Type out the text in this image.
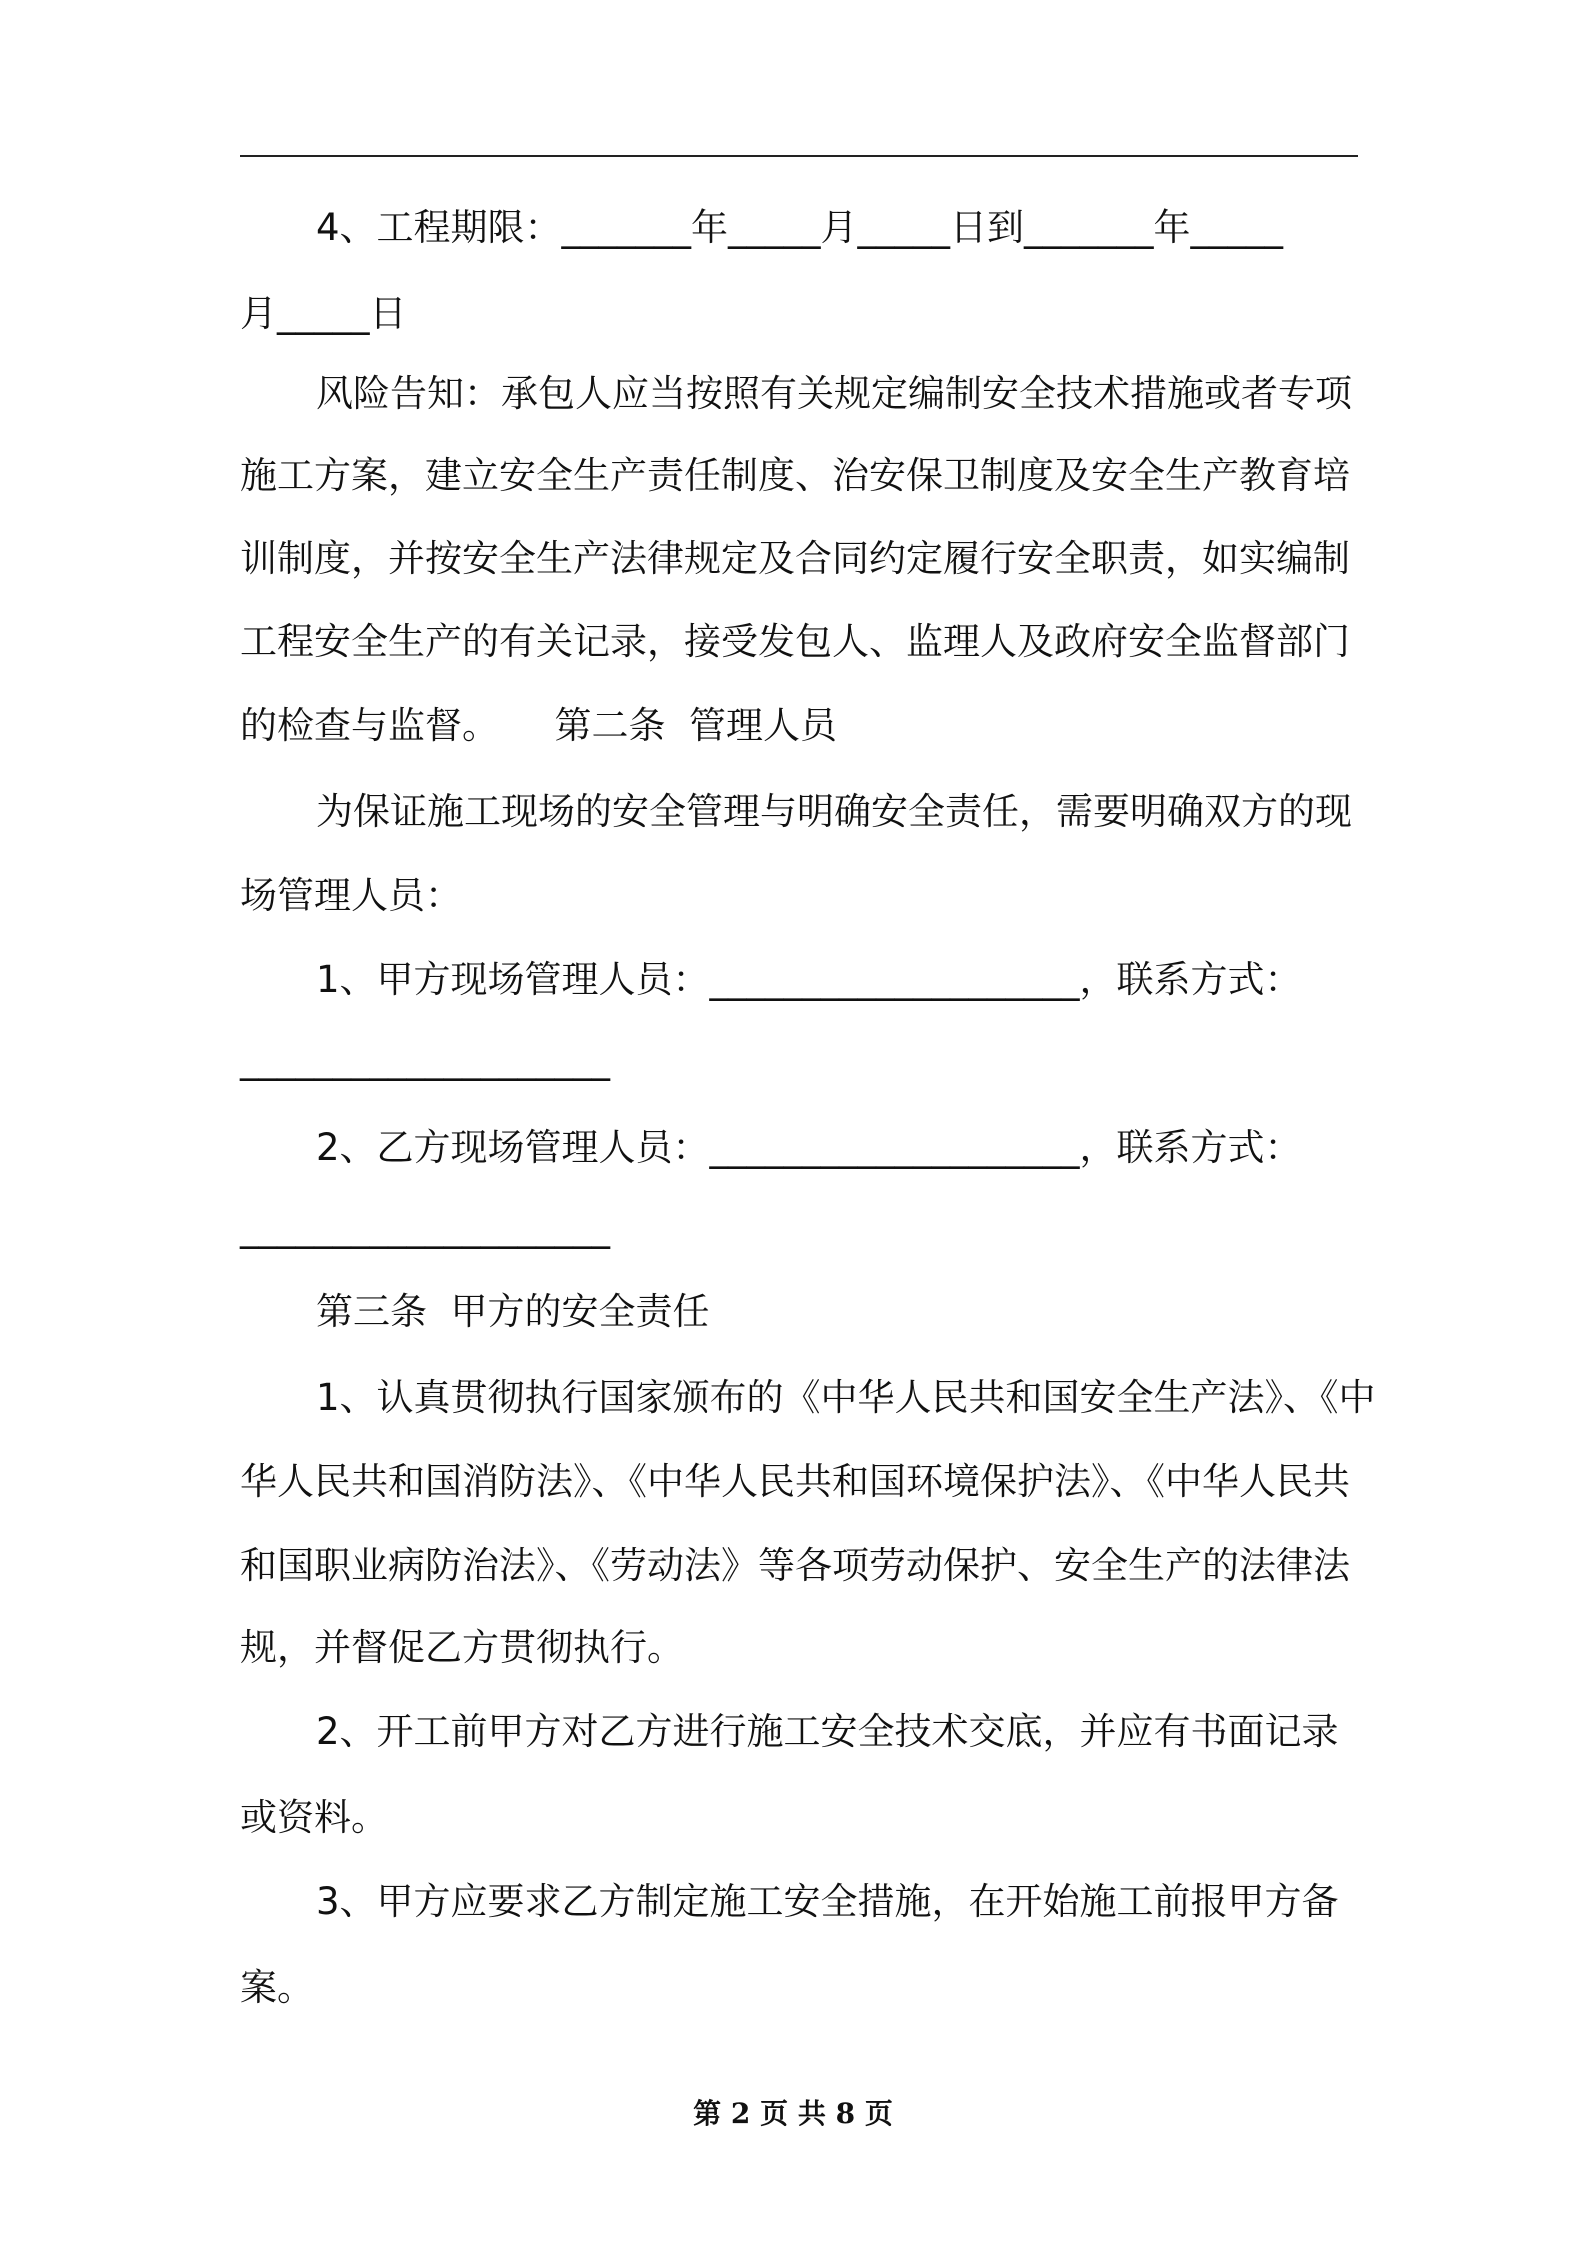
4、工程期限：_______年_____月_____日到_______年_____
月_____日
风险告知：承包人应当按照有关规定编制安全技术措施或者专项
施工方案，建立安全生产责任制度、治安保卫制度及安全生产教育培
训制度，并按安全生产法律规定及合同约定履行安全职责，如实编制
工程安全生产的有关记录，接受发包人、监理人及政府安全监督部门
的检查与监督。　　第二条  管理人员
为保证施工现场的安全管理与明确安全责任，需要明确双方的现
场管理人员：
1、甲方现场管理人员：____________________，联系方式：
____________________
2、乙方现场管理人员：____________________，联系方式：
____________________
第三条  甲方的安全责任
1、认真贯彻执行国家颁布的《中华人民共和国安全生产法》、《中
华人民共和国消防法》、《中华人民共和国环境保护法》、《中华人民共
和国职业病防治法》、《劳动法》等各项劳动保护、安全生产的法律法
规，并督促乙方贯彻执行。
2、开工前甲方对乙方进行施工安全技术交底，并应有书面记录
或资料。
3、甲方应要求乙方制定施工安全措施，在开始施工前报甲方备
案。
第 2 页 共 8 页
